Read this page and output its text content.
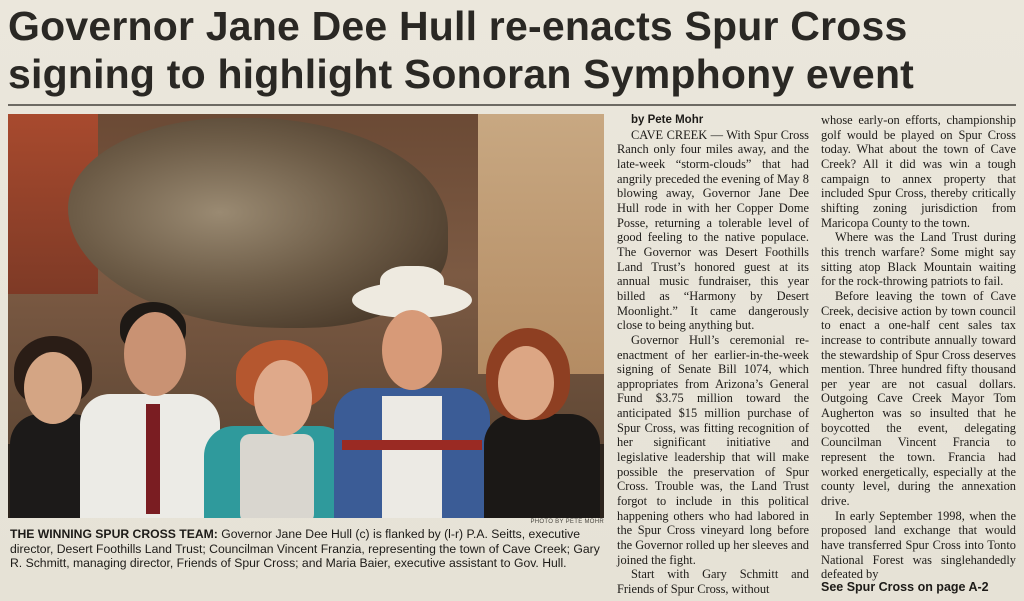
Governor Jane Dee Hull re-enacts Spur Cross signing to highlight Sonoran Symphony event
PHOTO BY PETE MOHR

THE WINNING SPUR CROSS TEAM: Governor Jane Dee Hull (c) is flanked by (l-r) P.A. Seitts, executive director, Desert Foothills Land Trust; Councilman Vincent Franzia, representing the town of Cave Creek; Gary R. Schmitt, managing director, Friends of Spur Cross; and Maria Baier, executive assistant to Gov. Hull.

by Pete Mohr

CAVE CREEK — With Spur Cross Ranch only four miles away, and the late-week “storm-clouds” that had angrily preceded the evening of May 8 blowing away, Governor Jane Dee Hull rode in with her Copper Dome Posse, returning a tolerable level of good feeling to the native populace. The Governor was Desert Foothills Land Trust’s honored guest at its annual music fundraiser, this year billed as “Harmony by Desert Moonlight.” It came dangerously close to being anything but.

Governor Hull’s ceremonial re-enactment of her earlier-in-the-week signing of Senate Bill 1074, which appropriates from Arizona’s General Fund $3.75 million toward the anticipated $15 million purchase of Spur Cross, was fitting recognition of her significant initiative and legislative leadership that will make possible the preservation of Spur Cross. Trouble was, the Land Trust forgot to include in this political happening others who had labored in the Spur Cross vineyard long before the Governor rolled up her sleeves and joined the fight.

Start with Gary Schmitt and Friends of Spur Cross, without

whose early-on efforts, championship golf would be played on Spur Cross today. What about the town of Cave Creek? All it did was win a tough campaign to annex property that included Spur Cross, thereby critically shifting zoning jurisdiction from Maricopa County to the town.

Where was the Land Trust during this trench warfare? Some might say sitting atop Black Mountain waiting for the rock-throwing patriots to fail.

Before leaving the town of Cave Creek, decisive action by town council to enact a one-half cent sales tax increase to contribute annually toward the stewardship of Spur Cross deserves mention. Three hundred fifty thousand per year are not casual dollars. Outgoing Cave Creek Mayor Tom Augherton was so insulted that he boycotted the event, delegating Councilman Vincent Francia to represent the town. Francia had worked energetically, especially at the county level, during the annexation drive.

In early September 1998, when the proposed land exchange that would have transferred Spur Cross into Tonto National Forest was singlehandedly defeated by

See Spur Cross on page A-2
